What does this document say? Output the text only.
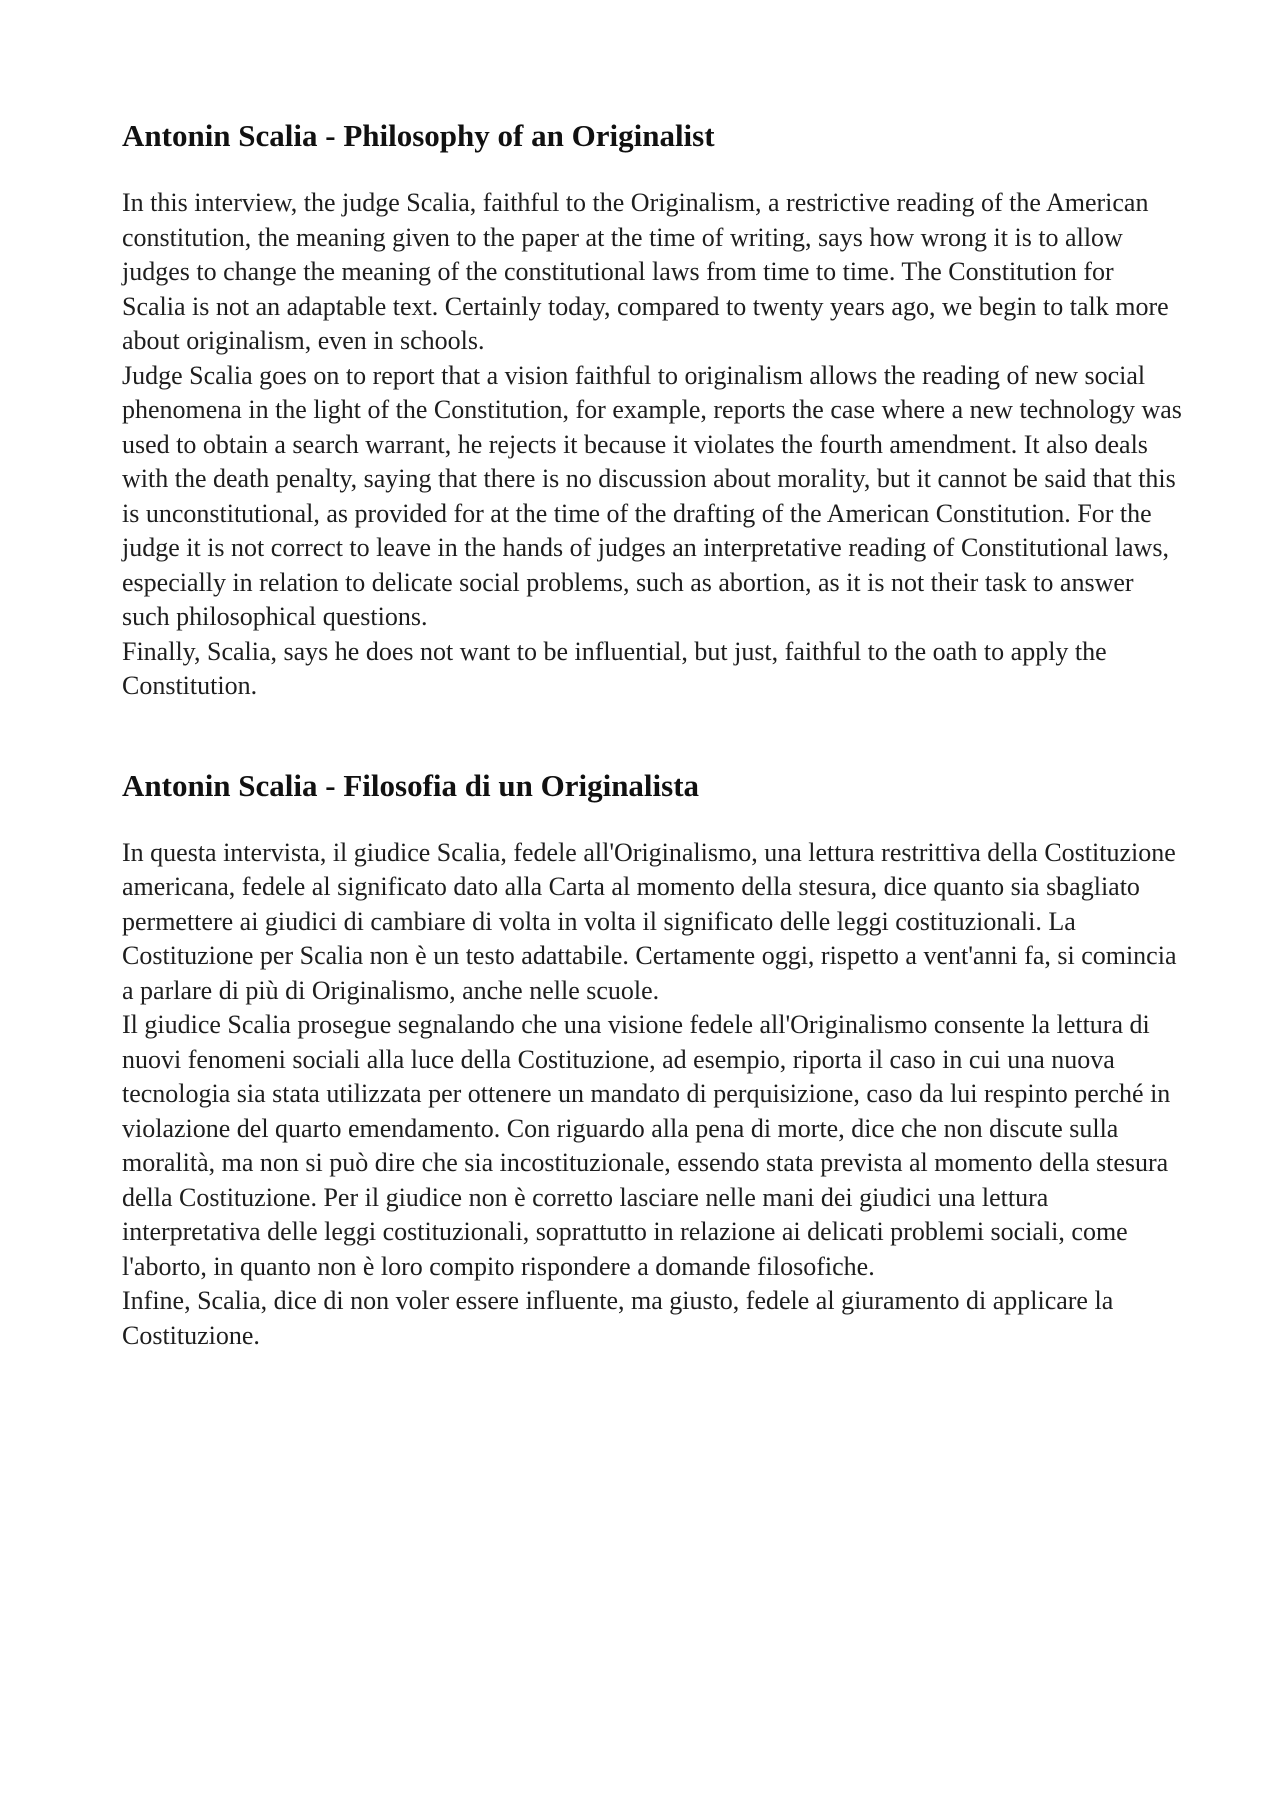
Antonin Scalia - Philosophy of an Originalist

In this interview, the judge Scalia, faithful to the Originalism, a restrictive reading of the American constitution, the meaning given to the paper at the time of writing, says how wrong it is to allow judges to change the meaning of the constitutional laws from time to time. The Constitution for Scalia is not an adaptable text. Certainly today, compared to twenty years ago, we begin to talk more about originalism, even in schools.

Judge Scalia goes on to report that a vision faithful to originalism allows the reading of new social phenomena in the light of the Constitution, for example, reports the case where a new technology was used to obtain a search warrant, he rejects it because it violates the fourth amendment. It also deals with the death penalty, saying that there is no discussion about morality, but it cannot be said that this is unconstitutional, as provided for at the time of the drafting of the American Constitution. For the judge it is not correct to leave in the hands of judges an interpretative reading of Constitutional laws, especially in relation to delicate social problems, such as abortion, as it is not their task to answer such philosophical questions.

Finally, Scalia, says he does not want to be influential, but just, faithful to the oath to apply the Constitution.

Antonin Scalia - Filosofia di un Originalista

In questa intervista, il giudice Scalia, fedele all'Originalismo, una lettura restrittiva della Costituzione americana, fedele al significato dato alla Carta al momento della stesura, dice quanto sia sbagliato permettere ai giudici di cambiare di volta in volta il significato delle leggi costituzionali. La Costituzione per Scalia non è un testo adattabile. Certamente oggi, rispetto a vent'anni fa, si comincia a parlare di più di Originalismo, anche nelle scuole.

Il giudice Scalia prosegue segnalando che una visione fedele all'Originalismo consente la lettura di nuovi fenomeni sociali alla luce della Costituzione, ad esempio, riporta il caso in cui una nuova tecnologia sia stata utilizzata per ottenere un mandato di perquisizione, caso da lui respinto perché in violazione del quarto emendamento. Con riguardo alla pena di morte, dice che non discute sulla moralità, ma non si può dire che sia incostituzionale, essendo stata prevista al momento della stesura della Costituzione. Per il giudice non è corretto lasciare nelle mani dei giudici una lettura interpretativa delle leggi costituzionali, soprattutto in relazione ai delicati problemi sociali, come l'aborto, in quanto non è loro compito rispondere a domande filosofiche.

Infine, Scalia, dice di non voler essere influente, ma giusto, fedele al giuramento di applicare la Costituzione.
